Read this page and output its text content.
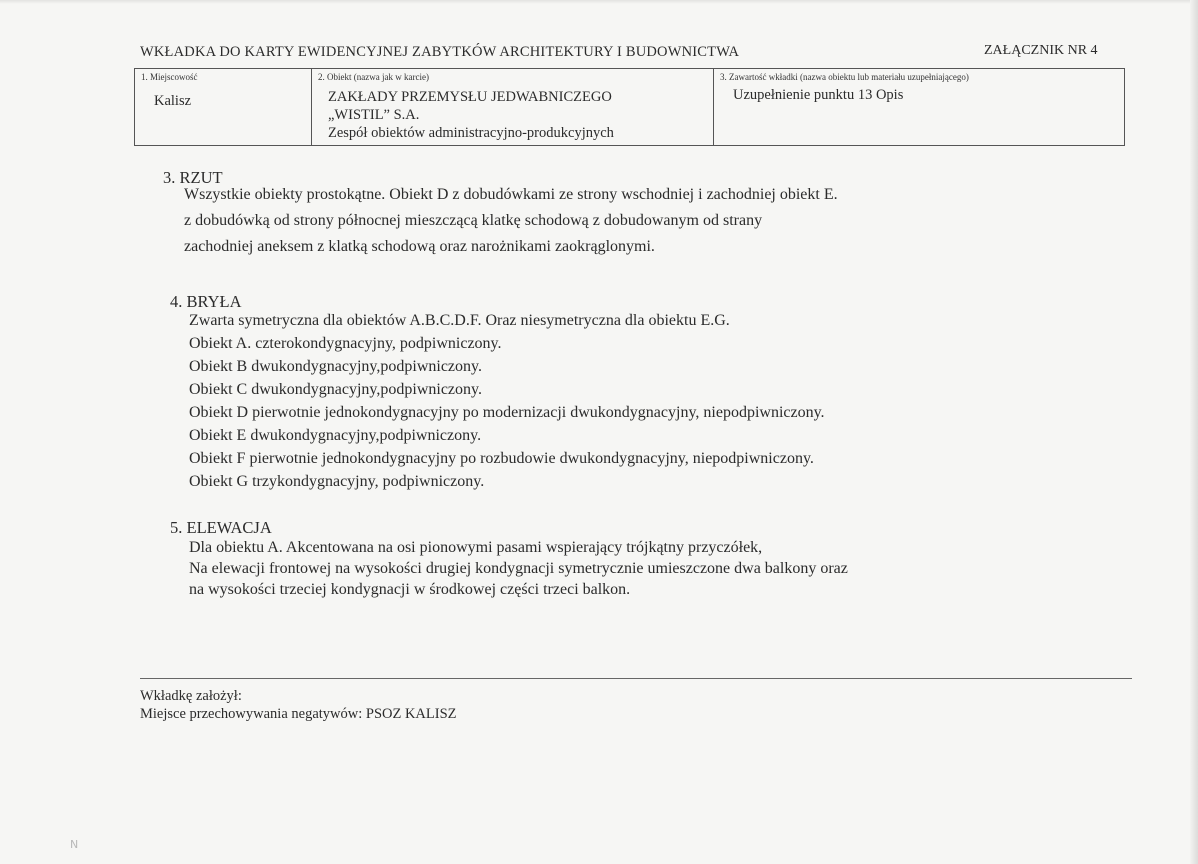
WKŁADKA DO KARTY EWIDENCYJNEJ ZABYTKÓW ARCHITEKTURY I BUDOWNICTWA	ZAŁĄCZNIK NR 4
1. Miejscowość
Kalisz
2. Obiekt (nazwa jak w karcie)
ZAKŁADY PRZEMYSŁU JEDWABNICZEGO
„WISTIL” S.A.
Zespół obiektów administracyjno-produkcyjnych
3. Zawartość wkładki (nazwa obiektu lub materiału uzupełniającego)
Uzupełnienie punktu 13 Opis
3. RZUT
Wszystkie obiekty prostokątne. Obiekt D z dobudówkami ze strony wschodniej i zachodniej obiekt E.
z dobudówką od strony północnej mieszczącą klatkę schodową z dobudowanym od strany
zachodniej aneksem z klatką schodową oraz narożnikami zaokrąglonymi.
4. BRYŁA
Zwarta symetryczna dla obiektów A.B.C.D.F. Oraz niesymetryczna dla obiektu E.G.
Obiekt A. czterokondygnacyjny, podpiwniczony.
Obiekt B dwukondygnacyjny,podpiwniczony.
Obiekt C dwukondygnacyjny,podpiwniczony.
Obiekt D pierwotnie jednokondygnacyjny po modernizacji dwukondygnacyjny, niepodpiwniczony.
Obiekt E dwukondygnacyjny,podpiwniczony.
Obiekt F pierwotnie jednokondygnacyjny po rozbudowie dwukondygnacyjny, niepodpiwniczony.
Obiekt G trzykondygnacyjny, podpiwniczony.
5. ELEWACJA
Dla obiektu A. Akcentowana na osi pionowymi pasami wspierający trójkątny przyczółek,
Na elewacji frontowej na wysokości drugiej kondygnacji symetrycznie umieszczone dwa balkony oraz
na wysokości trzeciej kondygnacji w środkowej części trzeci balkon.
Wkładkę założył:
Miejsce przechowywania negatywów: PSOZ KALISZ
N
